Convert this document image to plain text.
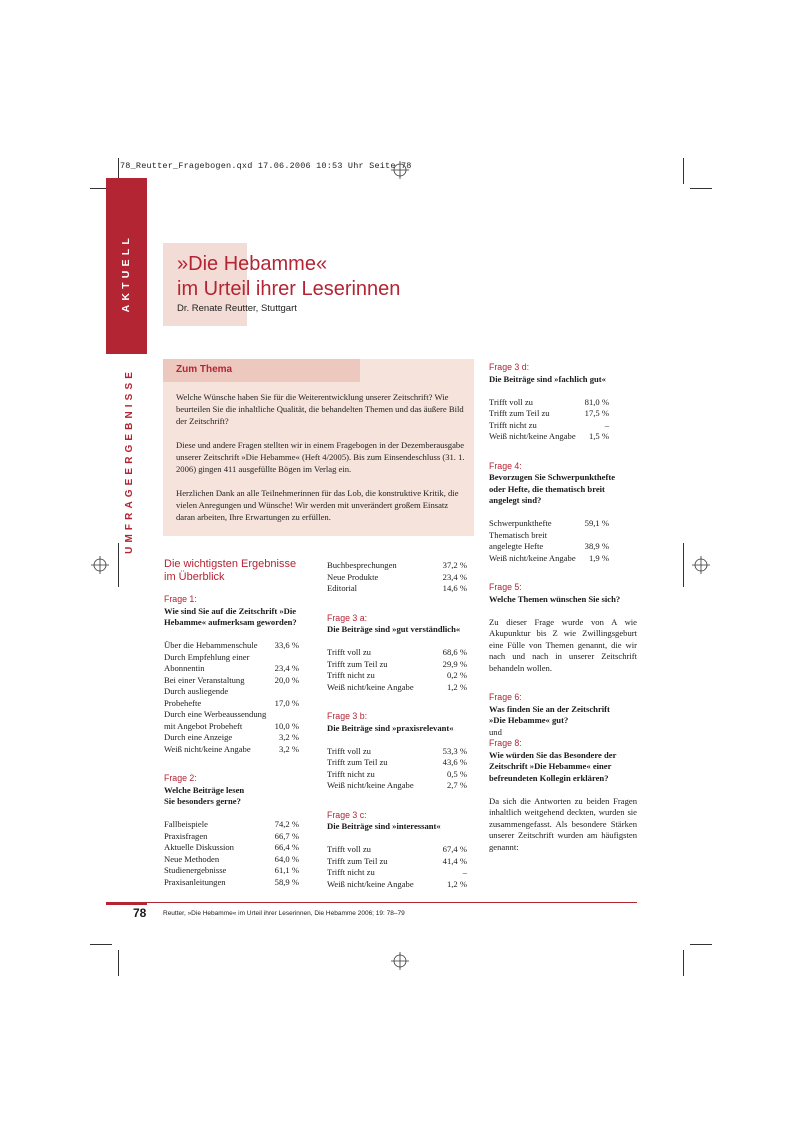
78_Reutter_Fragebogen.qxd 17.06.2006 10:53 Uhr Seite 78
AKTUELL
UMFRAGEERGEBNISSE
»Die Hebamme«
im Urteil ihrer Leserinnen
Dr. Renate Reutter, Stuttgart
Zum Thema

Welche Wünsche haben Sie für die Weiterentwicklung unserer Zeitschrift? Wie beurteilen Sie die inhaltliche Qualität, die behandelten Themen und das äußere Bild der Zeitschrift?

Diese und andere Fragen stellten wir in einem Fragebogen in der Dezemberausgabe unserer Zeitschrift »Die Hebamme« (Heft 4/2005). Bis zum Einsendeschluss (31. 1. 2006) gingen 411 ausgefüllte Bögen im Verlag ein.

Herzlichen Dank an alle Teilnehmerinnen für das Lob, die konstruktive Kritik, die vielen Anregungen und Wünsche! Wir werden mit unverändert großem Einsatz daran arbeiten, Ihre Erwartungen zu erfüllen.

Die wichtigsten Ergebnisse
im Überblick
Frage 1:
Wie sind Sie auf die Zeitschrift »Die Hebamme« aufmerksam geworden?
Über die Hebammenschule 33,6 %
Durch Empfehlung einer
Abonnentin	23,4 %
Bei einer Veranstaltung	20,0 %
Durch ausliegende
Probehefte	17,0 %
Durch eine Werbeaussendung
mit Angebot Probeheft	10,0 %
Durch eine Anzeige	3,2 %
Weiß nicht/keine Angabe	3,2 %
Frage 2:
Welche Beiträge lesen
Sie besonders gerne?
Fallbeispiele	74,2 %
Praxisfragen	66,7 %
Aktuelle Diskussion	66,4 %
Neue Methoden	64,0 %
Studienergebnisse	61,1 %
Praxisanleitungen	58,9 %
Buchbesprechungen	37,2 %
Neue Produkte	23,4 %
Editorial	14,6 %
Frage 3 a:
Die Beiträge sind »gut verständlich«
Trifft voll zu	68,6 %
Trifft zum Teil zu	29,9 %
Trifft nicht zu	0,2 %
Weiß nicht/keine Angabe	1,2 %
Frage 3 b:
Die Beiträge sind »praxisrelevant«
Trifft voll zu	53,3 %
Trifft zum Teil zu	43,6 %
Trifft nicht zu	0,5 %
Weiß nicht/keine Angabe	2,7 %
Frage 3 c:
Die Beiträge sind »interessant«
Trifft voll zu	67,4 %
Trifft zum Teil zu	41,4 %
Trifft nicht zu	–
Weiß nicht/keine Angabe	1,2 %
Frage 3 d:
Die Beiträge sind »fachlich gut«
Trifft voll zu	81,0 %
Trifft zum Teil zu	17,5 %
Trifft nicht zu	–
Weiß nicht/keine Angabe 1,5 %
Frage 4:
Bevorzugen Sie Schwerpunkthefte
oder Hefte, die thematisch breit
angelegt sind?
Schwerpunkthefte	59,1 %
Thematisch breit
angelegte Hefte	38,9 %
Weiß nicht/keine Angabe 1,9 %
Frage 5:
Welche Themen wünschen Sie sich?
Zu dieser Frage wurde von A wie Akupunktur bis Z wie Zwillingsgeburt eine Fülle von Themen genannt, die wir nach und nach in unserer Zeitschrift behandeln wollen.
Frage 6:
Was finden Sie an der Zeitschrift
»Die Hebamme« gut?
und
Frage 8:
Wie würden Sie das Besondere der Zeitschrift »Die Hebamme« einer befreundeten Kollegin erklären?
Da sich die Antworten zu beiden Fragen inhaltlich weitgehend deckten, wurden sie zusammengefasst. Als besondere Stärken unserer Zeitschrift wurden am häufigsten genannt:
78	Reutter, »Die Hebamme« im Urteil ihrer Leserinnen, Die Hebamme 2006; 19: 78–79
